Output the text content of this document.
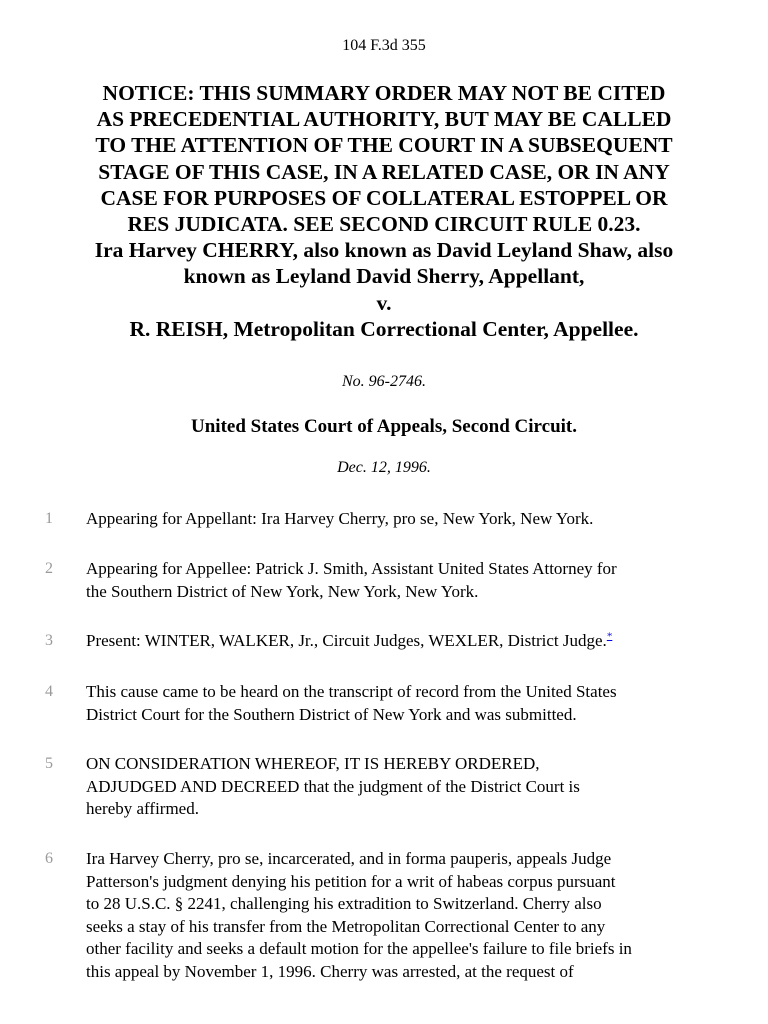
104 F.3d 355
NOTICE: THIS SUMMARY ORDER MAY NOT BE CITED
AS PRECEDENTIAL AUTHORITY, BUT MAY BE CALLED
TO THE ATTENTION OF THE COURT IN A SUBSEQUENT
STAGE OF THIS CASE, IN A RELATED CASE, OR IN ANY
CASE FOR PURPOSES OF COLLATERAL ESTOPPEL OR
RES JUDICATA. SEE SECOND CIRCUIT RULE 0.23.
Ira Harvey CHERRY, also known as David Leyland Shaw, also
known as Leyland David Sherry, Appellant,
v.
R. REISH, Metropolitan Correctional Center, Appellee.
No. 96-2746.
United States Court of Appeals, Second Circuit.
Dec. 12, 1996.
1 Appearing for Appellant: Ira Harvey Cherry, pro se, New York, New York.
2 Appearing for Appellee: Patrick J. Smith, Assistant United States Attorney for
the Southern District of New York, New York, New York.
3 Present: WINTER, WALKER, Jr., Circuit Judges, WEXLER, District Judge.*
4 This cause came to be heard on the transcript of record from the United States
District Court for the Southern District of New York and was submitted.
5 ON CONSIDERATION WHEREOF, IT IS HEREBY ORDERED,
ADJUDGED AND DECREED that the judgment of the District Court is
hereby affirmed.
6 Ira Harvey Cherry, pro se, incarcerated, and in forma pauperis, appeals Judge
Patterson's judgment denying his petition for a writ of habeas corpus pursuant
to 28 U.S.C. § 2241, challenging his extradition to Switzerland. Cherry also
seeks a stay of his transfer from the Metropolitan Correctional Center to any
other facility and seeks a default motion for the appellee's failure to file briefs in
this appeal by November 1, 1996. Cherry was arrested, at the request of
